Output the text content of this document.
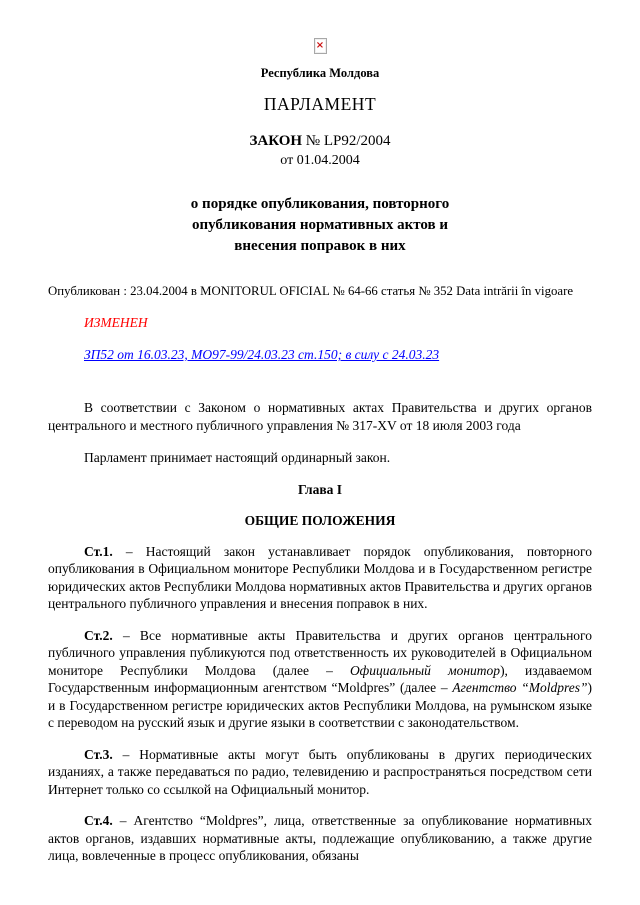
×
Республика Молдова
ПАРЛАМЕНТ
ЗАКОН № LP92/2004
от 01.04.2004
о порядке опубликования, повторного
опубликования нормативных актов и
внесения поправок в них

Опубликован : 23.04.2004 в MONITORUL OFICIAL № 64-66 статья № 352 Data intrării în vigoare

ИЗМЕНЕН

ЗП52 от 16.03.23, МО97-99/24.03.23 ст.150; в силу с 24.03.23

В соответствии с Законом о нормативных актах Правительства и других органов центрального и местного публичного управления № 317-XV от 18 июля 2003 года

Парламент принимает настоящий ординарный закон.

Глава I
ОБЩИЕ ПОЛОЖЕНИЯ

Ст.1. – Настоящий закон устанавливает порядок опубликования, повторного опубликования в Официальном мониторе Республики Молдова и в Государственном регистре юридических актов Республики Молдова нормативных актов Правительства и других органов центрального публичного управления и внесения поправок в них.

Ст.2. – Все нормативные акты Правительства и других органов центрального публичного управления публикуются под ответственность их руководителей в Официальном мониторе Республики Молдова (далее – Официальный монитор), издаваемом Государственным информационным агентством “Moldpres” (далее – Агентство “Moldpres”) и в Государственном регистре юридических актов Республики Молдова, на румынском языке с переводом на русский язык и другие языки в соответствии с законодательством.

Ст.3. – Нормативные акты могут быть опубликованы в других периодических изданиях, а также передаваться по радио, телевидению и распространяться посредством сети Интернет только со ссылкой на Официальный монитор.

Ст.4. – Агентство “Moldpres”, лица, ответственные за опубликование нормативных актов органов, издавших нормативные акты, подлежащие опубликованию, а также другие лица, вовлеченные в процесс опубликования, обязаны
